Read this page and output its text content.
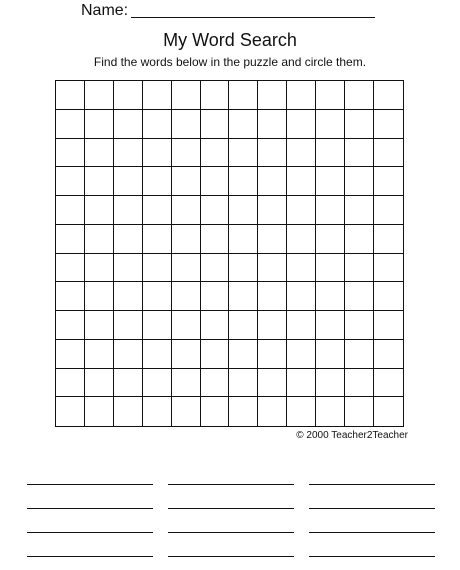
Name:
My Word Search
Find the words below in the puzzle and circle them.
© 2000 Teacher2Teacher
